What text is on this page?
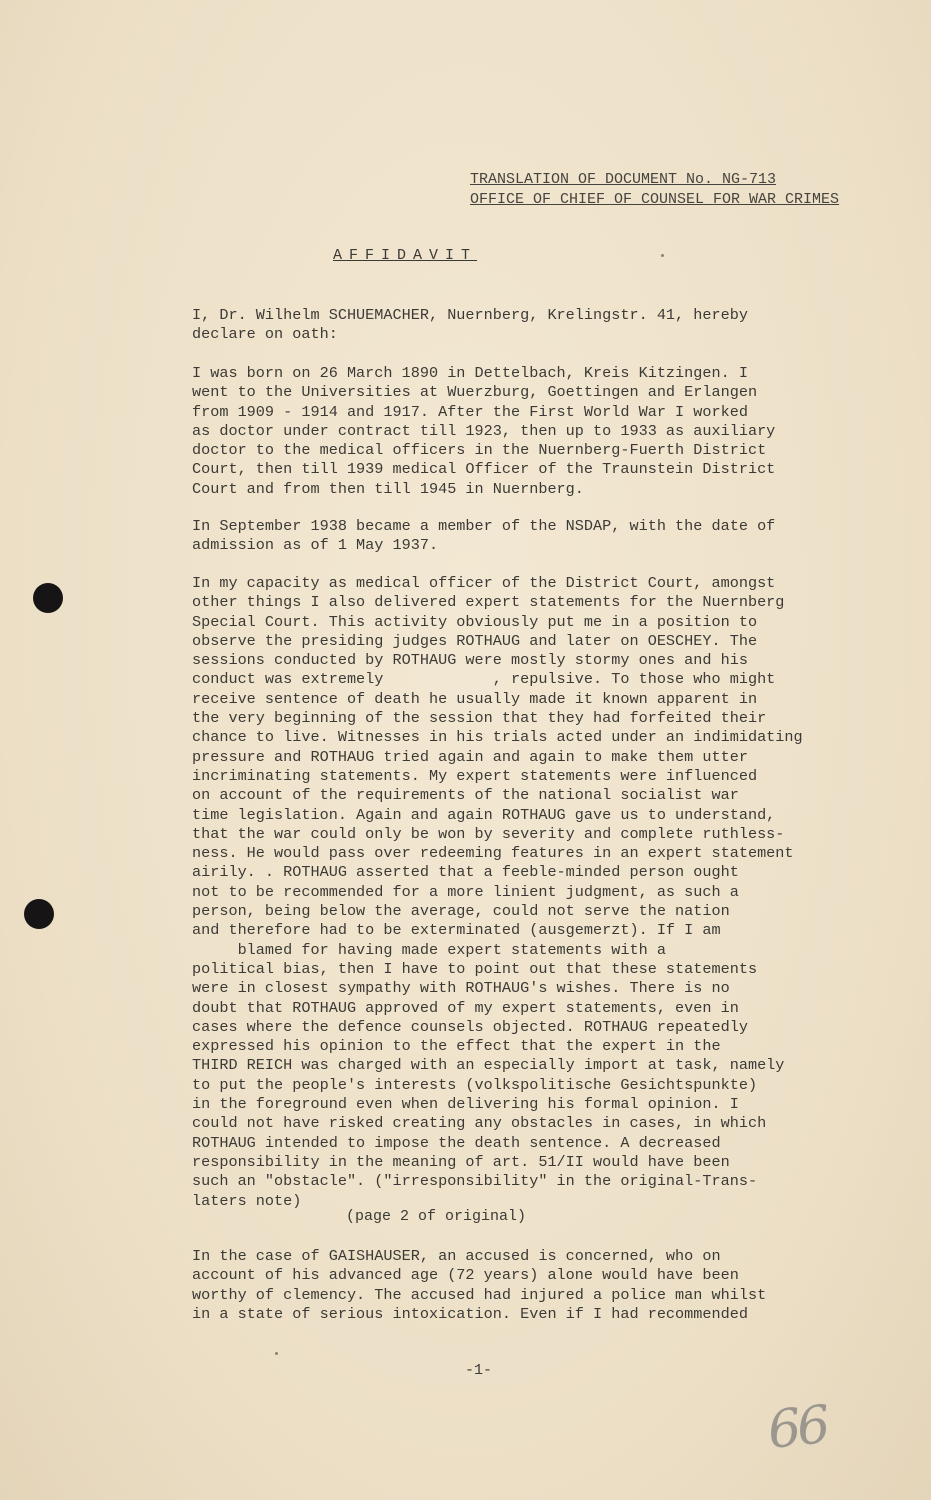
TRANSLATION OF DOCUMENT No. NG-713
OFFICE OF CHIEF OF COUNSEL FOR WAR CRIMES
AFFIDAVIT
I, Dr. Wilhelm SCHUEMACHER, Nuernberg, Krelingstr. 41, hereby
declare on oath:
I was born on 26 March 1890 in Dettelbach, Kreis Kitzingen. I
went to the Universities at Wuerzburg, Goettingen and Erlangen
from 1909 - 1914 and 1917. After the First World War I worked
as doctor under contract till 1923, then up to 1933 as auxiliary
doctor to the medical officers in the Nuernberg-Fuerth District
Court, then till 1939 medical Officer of the Traunstein District
Court and from then till 1945 in Nuernberg.
In September 1938 became a member of the NSDAP, with the date of
admission as of 1 May 1937.
In my capacity as medical officer of the District Court, amongst
other things I also delivered expert statements for the Nuernberg
Special Court. This activity obviously put me in a position to
observe the presiding judges ROTHAUG and later on OESCHEY. The
sessions conducted by ROTHAUG were mostly stormy ones and his
conduct was extremely            , repulsive. To those who might
receive sentence of death he usually made it known apparent in
the very beginning of the session that they had forfeited their
chance to live. Witnesses in his trials acted under an indimidating
pressure and ROTHAUG tried again and again to make them utter
incriminating statements. My expert statements were influenced
on account of the requirements of the national socialist war
time legislation. Again and again ROTHAUG gave us to understand,
that the war could only be won by severity and complete ruthless-
ness. He would pass over redeeming features in an expert statement
airily. . ROTHAUG asserted that a feeble-minded person ought
not to be recommended for a more linient judgment, as such a
person, being below the average, could not serve the nation
and therefore had to be exterminated (ausgemerzt). If I am
blamed for having made expert statements with a
political bias, then I have to point out that these statements
were in closest sympathy with ROTHAUG's wishes. There is no
doubt that ROTHAUG approved of my expert statements, even in
cases where the defence counsels objected. ROTHAUG repeatedly
expressed his opinion to the effect that the expert in the
THIRD REICH was charged with an especially import at task, namely
to put the people's interests (volkspolitische Gesichtspunkte)
in the foreground even when delivering his formal opinion. I
could not have risked creating any obstacles in cases, in which
ROTHAUG intended to impose the death sentence. A decreased
responsibility in the meaning of art. 51/II would have been
such an "obstacle". ("irresponsibility" in the original-Trans-
laters note)
(page 2 of original)
In the case of GAISHAUSER, an accused is concerned, who on
account of his advanced age (72 years) alone would have been
worthy of clemency. The accused had injured a police man whilst
in a state of serious intoxication. Even if I had recommended
-1-
66
